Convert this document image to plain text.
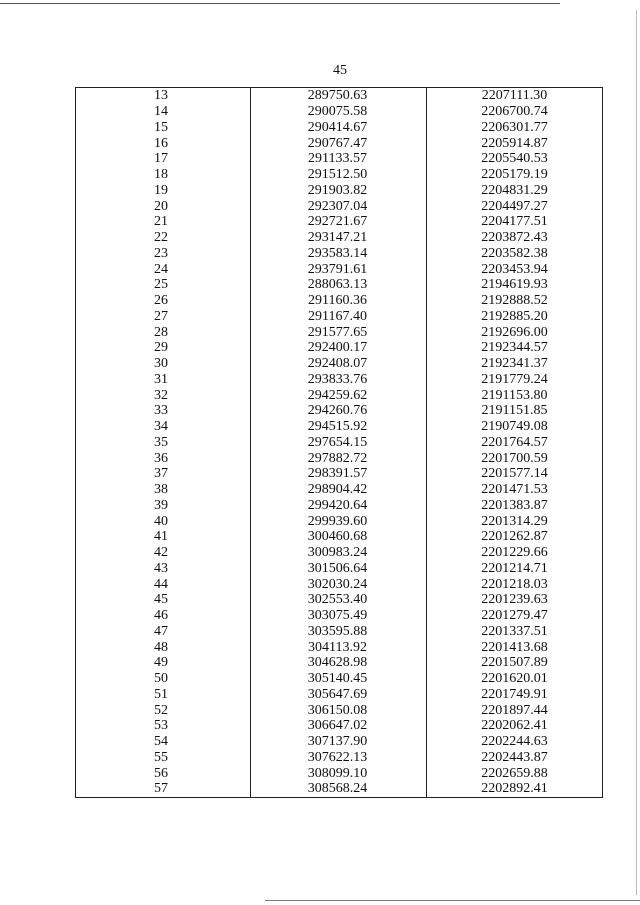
45
13	289750.63	2207111.30
14	290075.58	2206700.74
15	290414.67	2206301.77
16	290767.47	2205914.87
17	291133.57	2205540.53
18	291512.50	2205179.19
19	291903.82	2204831.29
20	292307.04	2204497.27
21	292721.67	2204177.51
22	293147.21	2203872.43
23	293583.14	2203582.38
24	293791.61	2203453.94
25	288063.13	2194619.93
26	291160.36	2192888.52
27	291167.40	2192885.20
28	291577.65	2192696.00
29	292400.17	2192344.57
30	292408.07	2192341.37
31	293833.76	2191779.24
32	294259.62	2191153.80
33	294260.76	2191151.85
34	294515.92	2190749.08
35	297654.15	2201764.57
36	297882.72	2201700.59
37	298391.57	2201577.14
38	298904.42	2201471.53
39	299420.64	2201383.87
40	299939.60	2201314.29
41	300460.68	2201262.87
42	300983.24	2201229.66
43	301506.64	2201214.71
44	302030.24	2201218.03
45	302553.40	2201239.63
46	303075.49	2201279.47
47	303595.88	2201337.51
48	304113.92	2201413.68
49	304628.98	2201507.89
50	305140.45	2201620.01
51	305647.69	2201749.91
52	306150.08	2201897.44
53	306647.02	2202062.41
54	307137.90	2202244.63
55	307622.13	2202443.87
56	308099.10	2202659.88
57	308568.24	2202892.41
